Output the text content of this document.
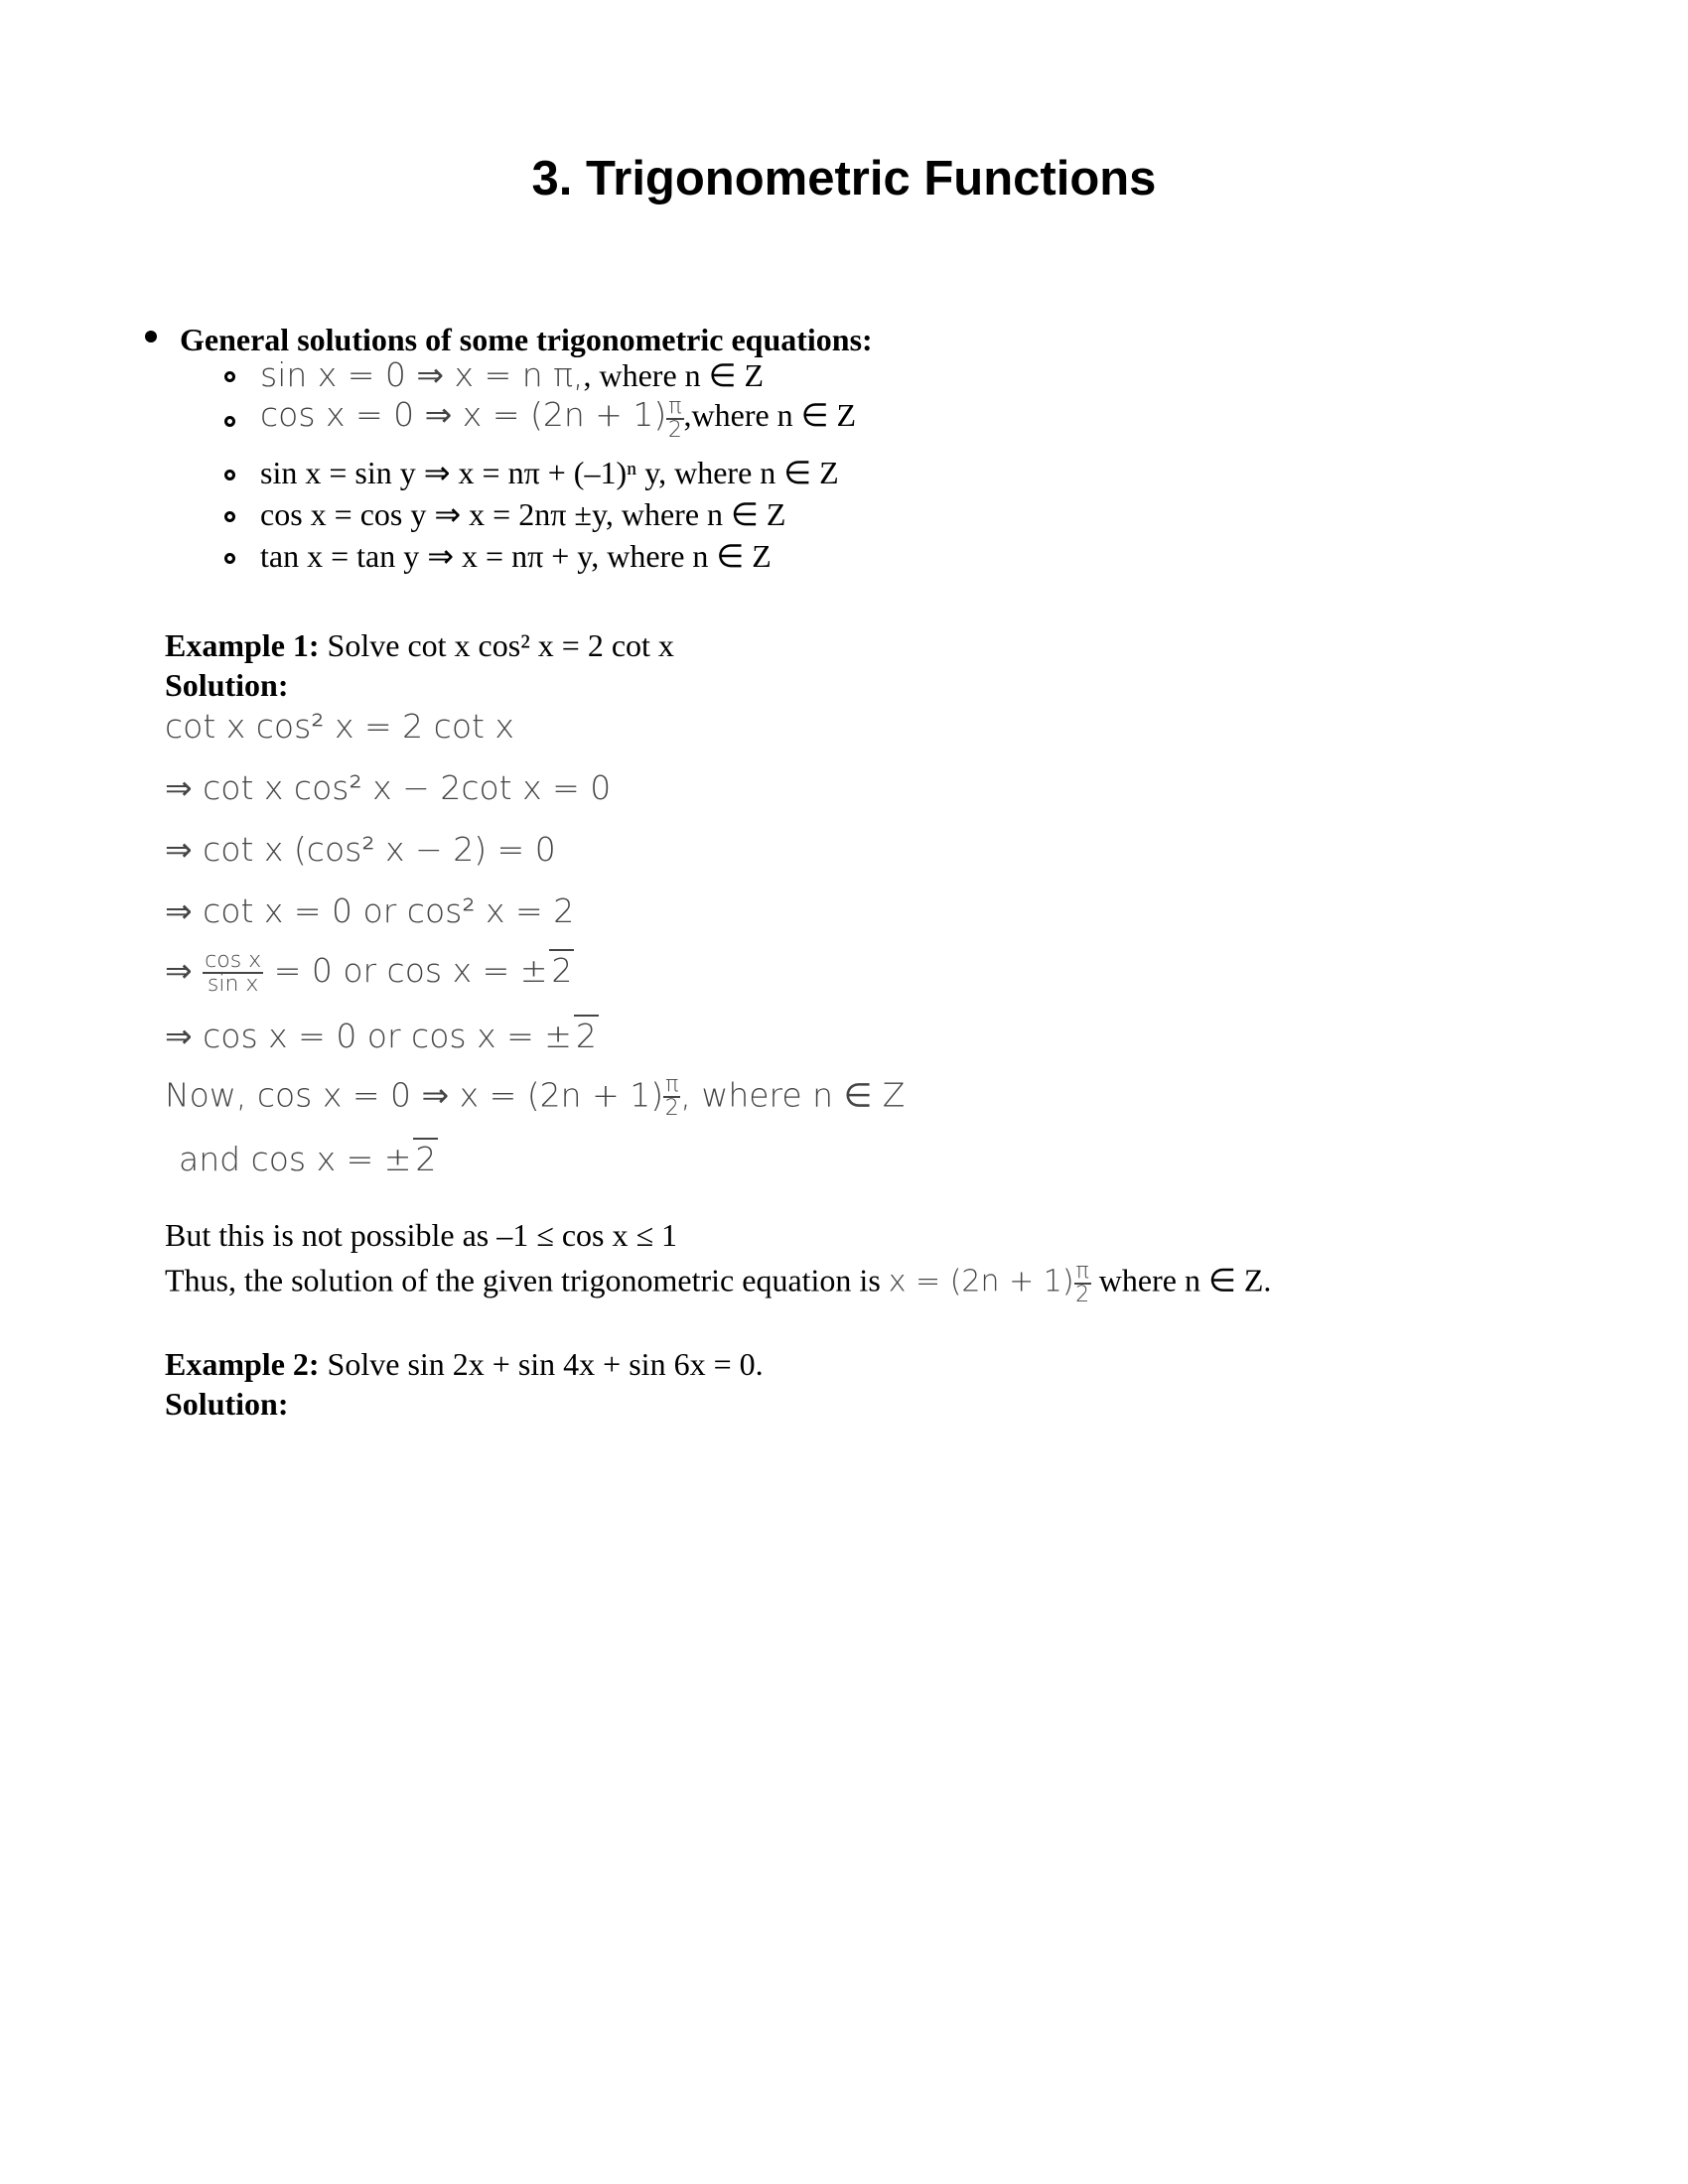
3. Trigonometric Functions
General solutions of some trigonometric equations:
sin x = 0 ⇒ x = n π,, where n ∈ Z
cos x = 0 ⇒ $x = (2n + 1) \frac{\pi}{2}$ ,where n ∈ Z
sin x = sin y ⇒ x = nπ + (–1)ⁿ y, where n ∈ Z
cos x = cos y ⇒ x = 2nπ ±y, where n ∈ Z
tan x = tan y ⇒ x = nπ + y, where n ∈ Z
Example 1: Solve cot x cos² x = 2 cot x
Solution:
cot x cos² x = 2 cot x
⇒ cot x cos² x − 2cot x = 0
⇒ cot x (cos² x − 2) = 0
⇒ cot x = 0 or cos² x = 2
⇒ $\frac{\text{cos x}}{\text{sin x}} = 0$ or cos x = ± 2
⇒ cos x = 0 or cos x = ± 2
Now, cos x = 0 ⇒ $x = (2n + 1) \frac{\pi}{2}$ , where n ∈ Z
and cos x = ± 2
But this is not possible as –1 ≤ cos x ≤ 1
Thus, the solution of the given trigonometric equation is $x = (2n + 1) \frac{\pi}{2}$ where n ∈ Z.
Example 2: Solve sin 2x + sin 4x + sin 6x = 0.
Solution:
